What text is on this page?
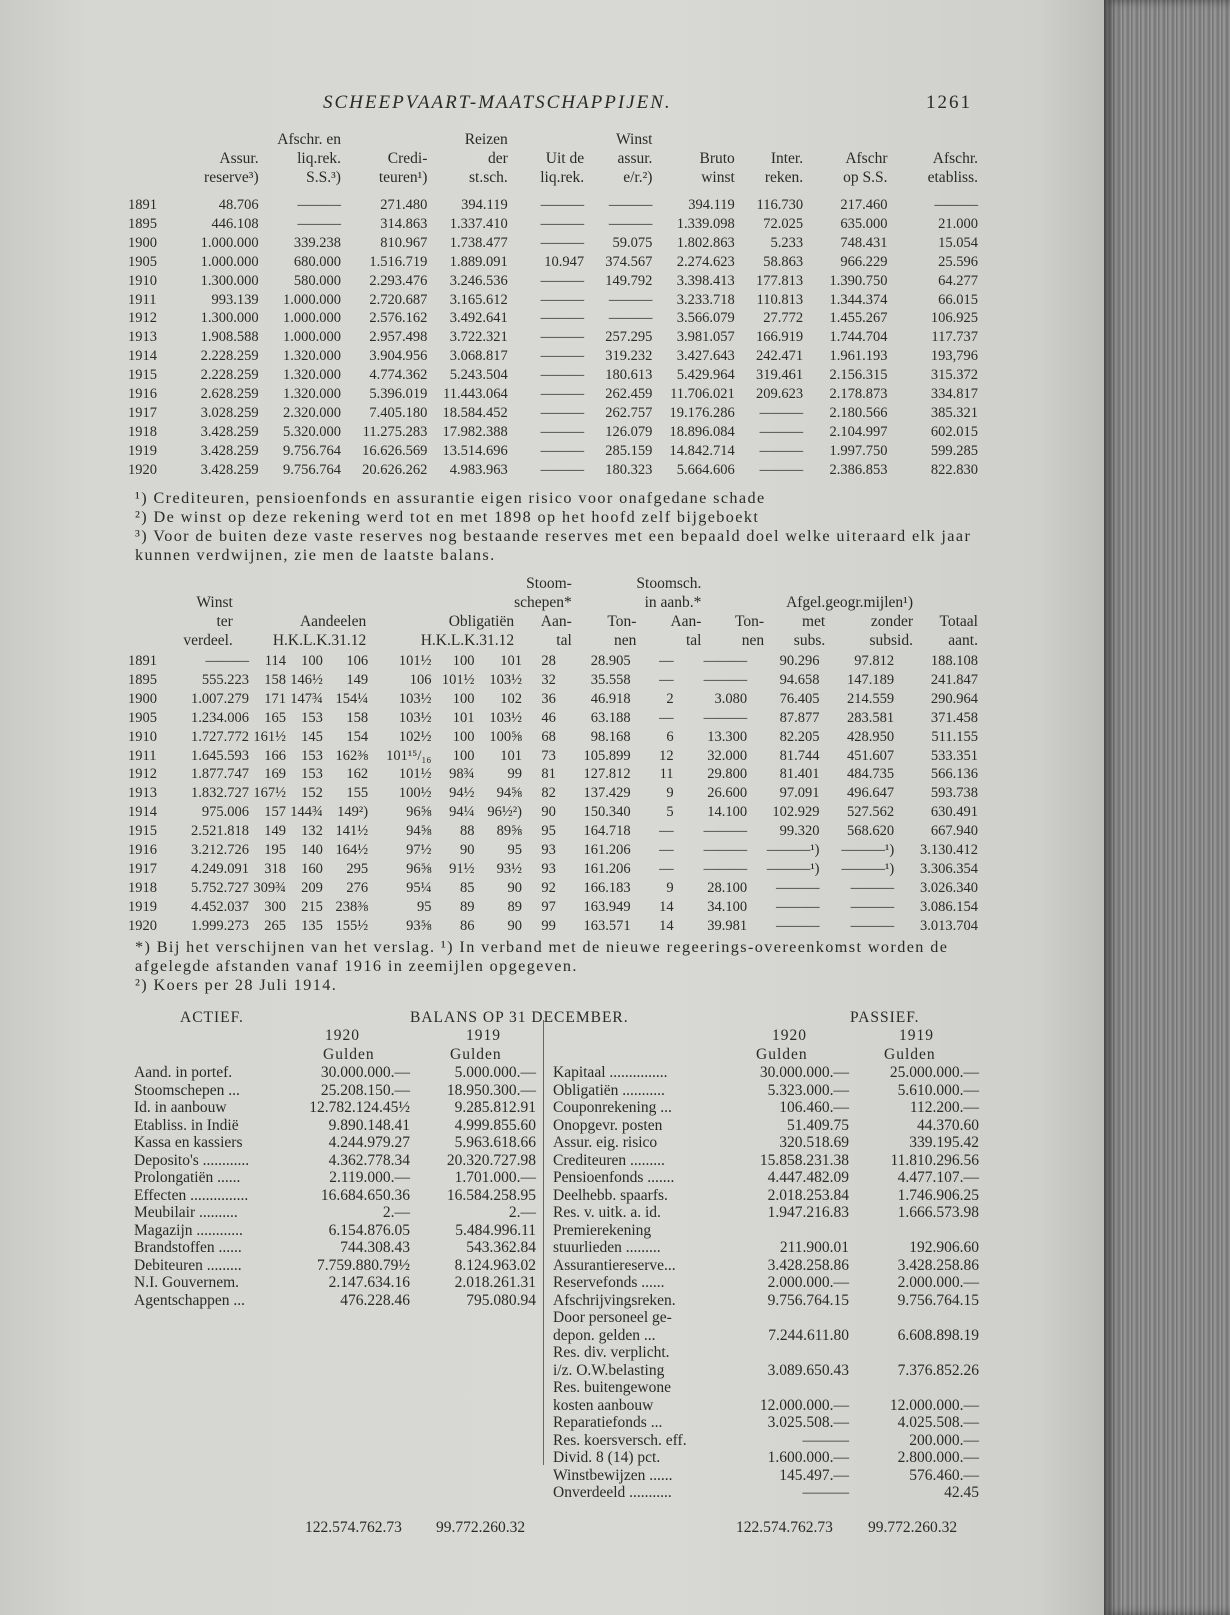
SCHEEPVAART-MAATSCHAPPIJEN.	1261
		Afschr. en		Reizen		Winst				
	Assur.	liq.rek.	Credi-	der	Uit de	assur.	Bruto	Inter.	Afschr	Afschr.
	reserve³)	S.S.³)	teuren¹)	st.sch.	liq.rek.	e/r.²)	winst	reken.	op S.S.	etabliss.
1891	48.706	———	271.480	394.119	———	———	394.119	116.730	217.460	———
1895	446.108	———	314.863	1.337.410	———	———	1.339.098	72.025	635.000	21.000
1900	1.000.000	339.238	810.967	1.738.477	———	59.075	1.802.863	5.233	748.431	15.054
1905	1.000.000	680.000	1.516.719	1.889.091	10.947	374.567	2.274.623	58.863	966.229	25.596
1910	1.300.000	580.000	2.293.476	3.246.536	———	149.792	3.398.413	177.813	1.390.750	64.277
1911	993.139	1.000.000	2.720.687	3.165.612	———	———	3.233.718	110.813	1.344.374	66.015
1912	1.300.000	1.000.000	2.576.162	3.492.641	———	———	3.566.079	27.772	1.455.267	106.925
1913	1.908.588	1.000.000	2.957.498	3.722.321	———	257.295	3.981.057	166.919	1.744.704	117.737
1914	2.228.259	1.320.000	3.904.956	3.068.817	———	319.232	3.427.643	242.471	1.961.193	193,796
1915	2.228.259	1.320.000	4.774.362	5.243.504	———	180.613	5.429.964	319.461	2.156.315	315.372
1916	2.628.259	1.320.000	5.396.019	11.443.064	———	262.459	11.706.021	209.623	2.178.873	334.817
1917	3.028.259	2.320.000	7.405.180	18.584.452	———	262.757	19.176.286	———	2.180.566	385.321
1918	3.428.259	5.320.000	11.275.283	17.982.388	———	126.079	18.896.084	———	2.104.997	602.015
1919	3.428.259	9.756.764	16.626.569	13.514.696	———	285.159	14.842.714	———	1.997.750	599.285
1920	3.428.259	9.756.764	20.626.262	4.983.963	———	180.323	5.664.606	———	2.386.853	822.830
¹) Crediteuren, pensioenfonds en assurantie eigen risico voor onafgedane schade
²) De winst op deze rekening werd tot en met 1898 op het hoofd zelf bijgeboekt
³) Voor de buiten deze vaste reserves nog bestaande reserves met een bepaald doel welke uiteraard elk jaar kunnen verdwijnen, zie men de laatste balans.
							Stoom-		Stoomsch.				
	Winst						schepen*		in aanb.*		Afgel.	geogr.mijlen¹)	
	ter	Aandeelen			Obligatiën		Aan-	Ton-	Aan-	Ton-	met	zonder	Totaal
	verdeel.	H.K.L.K.31.12			H.K.L.K.31.12		tal	nen	tal	nen	subs.	subsid.	aant.
1891	———	114	100	106	101½	100	101	28	28.905	—	———	90.296	97.812	188.108
1895	555.223	158	146½	149	106	101½	103½	32	35.558	—	———	94.658	147.189	241.847
1900	1.007.279	171	147¾	154¼	103½	100	102	36	46.918	2	3.080	76.405	214.559	290.964
1905	1.234.006	165	153	158	103½	101	103½	46	63.188	—	———	87.877	283.581	371.458
1910	1.727.772	161½	145	154	102½	100	100⅝	68	98.168	6	13.300	82.205	428.950	511.155
1911	1.645.593	166	153	162⅜	101¹⁵/₁₆	100	101	73	105.899	12	32.000	81.744	451.607	533.351
1912	1.877.747	169	153	162	101½	98¾	99	81	127.812	11	29.800	81.401	484.735	566.136
1913	1.832.727	167½	152	155	100½	94½	94⅝	82	137.429	9	26.600	97.091	496.647	593.738
1914	975.006	157	144¾	149²)	96⅝	94¼	96½²)	90	150.340	5	14.100	102.929	527.562	630.491
1915	2.521.818	149	132	141½	94⅝	88	89⅝	95	164.718	—	———	99.320	568.620	667.940
1916	3.212.726	195	140	164½	97½	90	95	93	161.206	—	———	———¹)	———¹)	3.130.412
1917	4.249.091	318	160	295	96⅝	91½	93½	93	161.206	—	———	———¹)	———¹)	3.306.354
1918	5.752.727	309¾	209	276	95¼	85	90	92	166.183	9	28.100	———	———	3.026.340
1919	4.452.037	300	215	238⅜	95	89	89	97	163.949	14	34.100	———	———	3.086.154
1920	1.999.273	265	135	155½	93⅝	86	90	99	163.571	14	39.981	———	———	3.013.704
*) Bij het verschijnen van het verslag. ¹) In verband met de nieuwe regeerings-overeenkomst worden de afgelegde afstanden vanaf 1916 in zeemijlen opgegeven.
²) Koers per 28 Juli 1914.
ACTIEF.	BALANS OP 31 DECEMBER.	PASSIEF.
1920	1919
Gulden	Gulden
1920	1919
Gulden	Gulden
Aand. in portef.	30.000.000.—	5.000.000.—
Stoomschepen ...	25.208.150.—	18.950.300.—
Id. in aanbouw	12.782.124.45½	9.285.812.91
Etabliss. in Indië	9.890.148.41	4.999.855.60
Kassa en kassiers	4.244.979.27	5.963.618.66
Deposito's ............	4.362.778.34	20.320.727.98
Prolongatiën ......	2.119.000.—	1.701.000.—
Effecten ...............	16.684.650.36	16.584.258.95
Meubilair ..........	2.—	2.—
Magazijn ............	6.154.876.05	5.484.996.11
Brandstoffen ......	744.308.43	543.362.84
Debiteuren .........	7.759.880.79½	8.124.963.02
N.I. Gouvernem.	2.147.634.16	2.018.261.31
Agentschappen ...	476.228.46	795.080.94
Kapitaal ...............	30.000.000.—	25.000.000.—
Obligatiën ...........	5.323.000.—	5.610.000.—
Couponrekening ...	106.460.—	112.200.—
Onopgevr. posten	51.409.75	44.370.60
Assur. eig. risico	320.518.69	339.195.42
Crediteuren .........	15.858.231.38	11.810.296.56
Pensioenfonds .......	4.447.482.09	4.477.107.—
Deelhebb. spaarfs.	2.018.253.84	1.746.906.25
Res. v. uitk. a. id.	1.947.216.83	1.666.573.98
Premierekening		
stuurlieden .........	211.900.01	192.906.60
Assurantiereserve...	3.428.258.86	3.428.258.86
Reservefonds ......	2.000.000.—	2.000.000.—
Afschrijvingsreken.	9.756.764.15	9.756.764.15
Door personeel ge-		
depon. gelden ...	7.244.611.80	6.608.898.19
Res. div. verplicht.		
i/z. O.W.belasting	3.089.650.43	7.376.852.26
Res. buitengewone		
kosten aanbouw	12.000.000.—	12.000.000.—
Reparatiefonds ...	3.025.508.—	4.025.508.—
Res. koersversch. eff.	———	200.000.—
Divid. 8 (14) pct.	1.600.000.—	2.800.000.—
Winstbewijzen ......	145.497.—	576.460.—
Onverdeeld ...........	———	42.45
122.574.762.73 99.772.260.32	122.574.762.73 99.772.260.32
